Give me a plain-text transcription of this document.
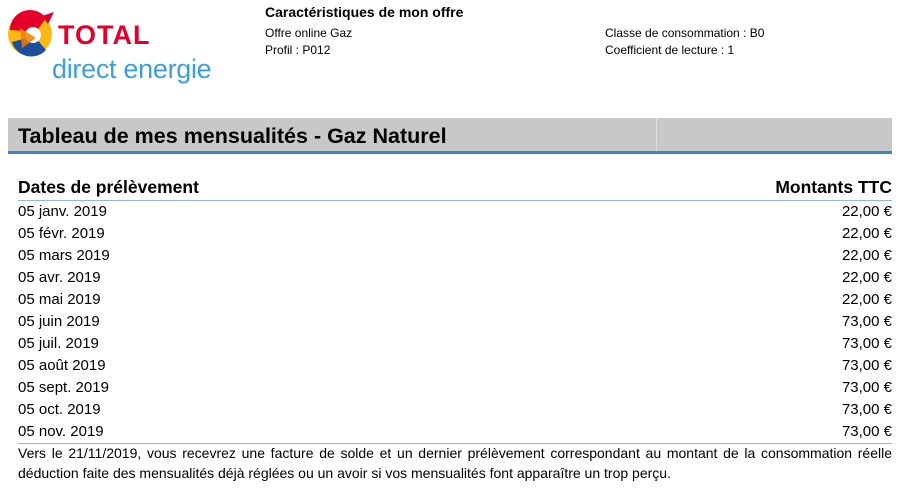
TOTAL
direct energie
Caractéristiques de mon offre
Offre online Gaz
Profil : P012
Classe de consommation : B0
Coefficient de lecture : 1
Tableau de mes mensualités - Gaz Naturel
Dates de prélèvement	Montants TTC
05 janv. 2019	22,00 €
05 févr. 2019	22,00 €
05 mars 2019	22,00 €
05 avr. 2019	22,00 €
05 mai 2019	22,00 €
05 juin 2019	73,00 €
05 juil. 2019	73,00 €
05 août 2019	73,00 €
05 sept. 2019	73,00 €
05 oct. 2019	73,00 €
05 nov. 2019	73,00 €
Vers le 21/11/2019, vous recevrez une facture de solde et un dernier prélèvement correspondant au montant de la consommation réelle déduction faite des mensualités déjà réglées ou un avoir si vos mensualités font apparaître un trop perçu.
